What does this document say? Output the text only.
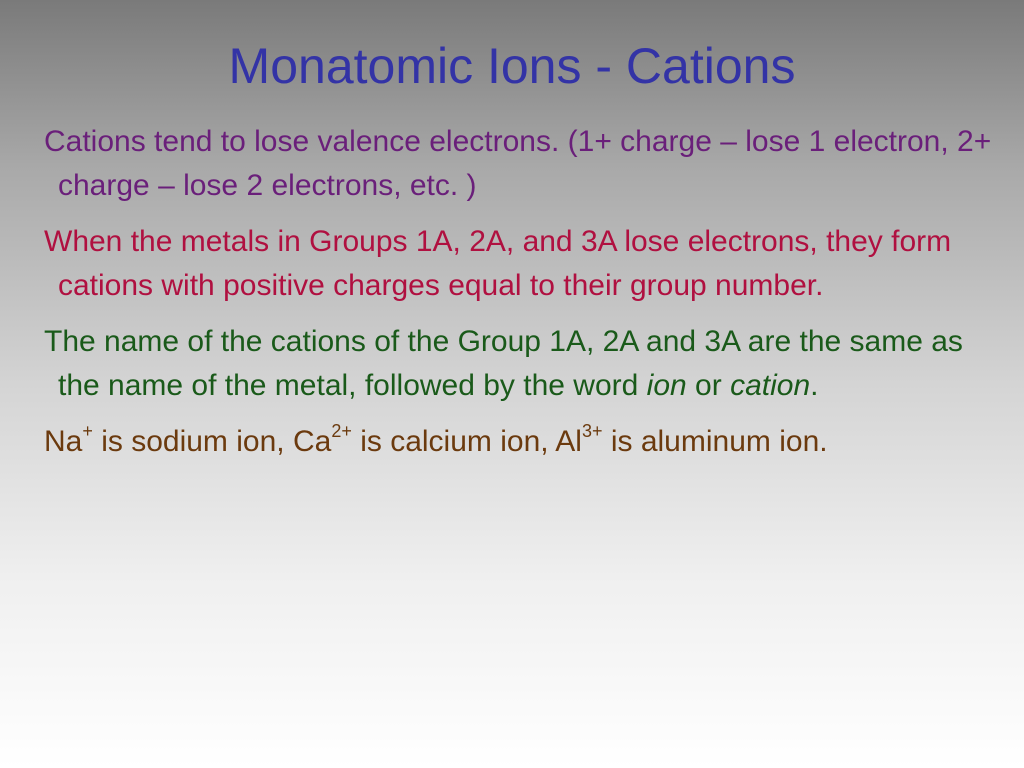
Monatomic Ions - Cations

Cations tend to lose valence electrons. (1+ charge – lose 1 electron, 2+ charge – lose 2 electrons, etc. )

When the metals in Groups 1A, 2A, and 3A lose electrons, they form cations with positive charges equal to their group number.

The name of the cations of the Group 1A, 2A and 3A are the same as the name of the metal, followed by the word ion or cation.

Na+ is sodium ion, $Ca^{2+}$ is calcium ion, $Al^{3+}$ is aluminum ion.
